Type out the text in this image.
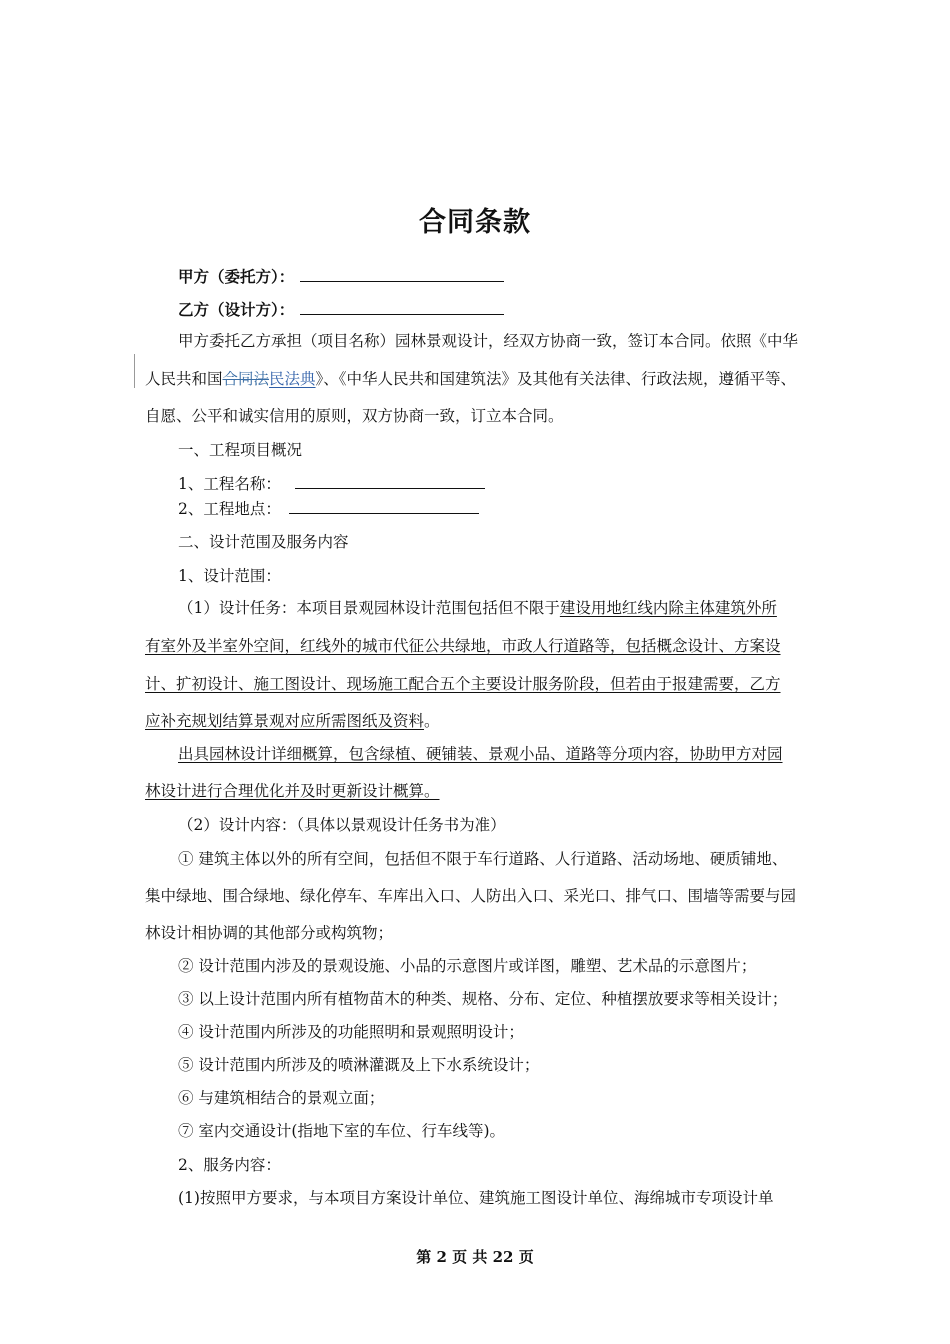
合同条款
甲方（委托方）：
乙方（设计方）：
甲方委托乙方承担（项目名称）园林景观设计，经双方协商一致，签订本合同。依照《中华
人民共和国合同法民法典》、《中华人民共和国建筑法》及其他有关法律、行政法规，遵循平等、
自愿、公平和诚实信用的原则，双方协商一致，订立本合同。
一、工程项目概况
1、工程名称：
2、工程地点：
二、设计范围及服务内容
1、设计范围：
（1）设计任务：本项目景观园林设计范围包括但不限于建设用地红线内除主体建筑外所
有室外及半室外空间，红线外的城市代征公共绿地，市政人行道路等，包括概念设计、方案设
计、扩初设计、施工图设计、现场施工配合五个主要设计服务阶段，但若由于报建需要，乙方
应补充规划结算景观对应所需图纸及资料。
出具园林设计详细概算，包含绿植、硬铺装、景观小品、道路等分项内容，协助甲方对园
林设计进行合理优化并及时更新设计概算。
（2）设计内容：（具体以景观设计任务书为准）
① 建筑主体以外的所有空间，包括但不限于车行道路、人行道路、活动场地、硬质铺地、
集中绿地、围合绿地、绿化停车、车库出入口、人防出入口、采光口、排气口、围墙等需要与园
林设计相协调的其他部分或构筑物；
② 设计范围内涉及的景观设施、小品的示意图片或详图，雕塑、艺术品的示意图片；
③ 以上设计范围内所有植物苗木的种类、规格、分布、定位、种植摆放要求等相关设计；
④ 设计范围内所涉及的功能照明和景观照明设计；
⑤ 设计范围内所涉及的喷淋灌溉及上下水系统设计；
⑥ 与建筑相结合的景观立面；
⑦ 室内交通设计(指地下室的车位、行车线等)。
2、服务内容：
(1)按照甲方要求，与本项目方案设计单位、建筑施工图设计单位、海绵城市专项设计单
第 2 页 共 22 页
